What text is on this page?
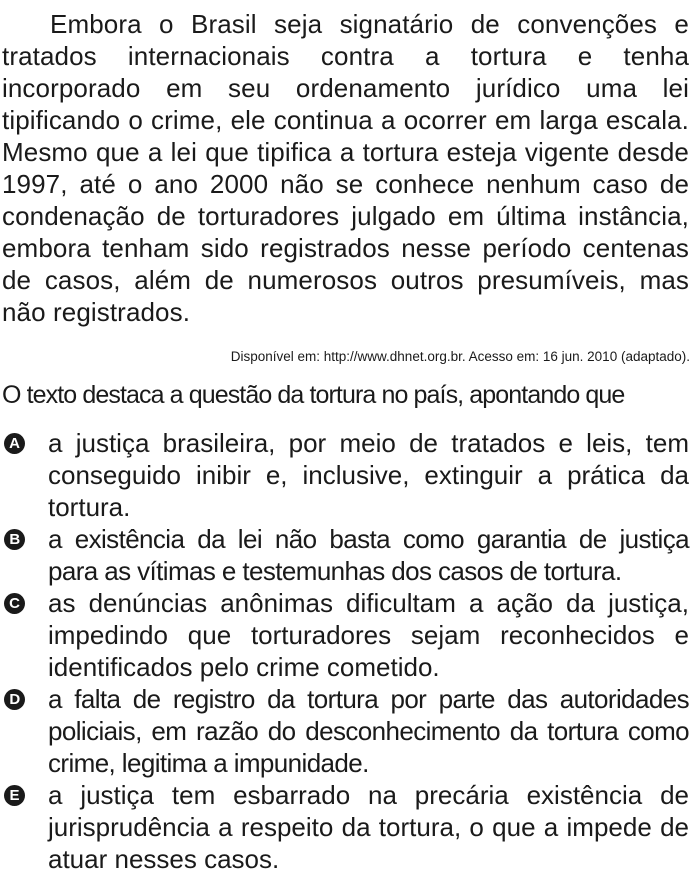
Embora o Brasil seja signatário de convenções e tratados internacionais contra a tortura e tenha incorporado em seu ordenamento jurídico uma lei tipificando o crime, ele continua a ocorrer em larga escala. Mesmo que a lei que tipifica a tortura esteja vigente desde 1997, até o ano 2000 não se conhece nenhum caso de condenação de torturadores julgado em última instância, embora tenham sido registrados nesse período centenas de casos, além de numerosos outros presumíveis, mas não registrados.

Disponível em: http://www.dhnet.org.br. Acesso em: 16 jun. 2010 (adaptado).

O texto destaca a questão da tortura no país, apontando que

A a justiça brasileira, por meio de tratados e leis, tem conseguido inibir e, inclusive, extinguir a prática da tortura.
B a existência da lei não basta como garantia de justiça para as vítimas e testemunhas dos casos de tortura.
C as denúncias anônimas dificultam a ação da justiça, impedindo que torturadores sejam reconhecidos e identificados pelo crime cometido.
D a falta de registro da tortura por parte das autoridades policiais, em razão do desconhecimento da tortura como crime, legitima a impunidade.
E a justiça tem esbarrado na precária existência de jurisprudência a respeito da tortura, o que a impede de atuar nesses casos.
